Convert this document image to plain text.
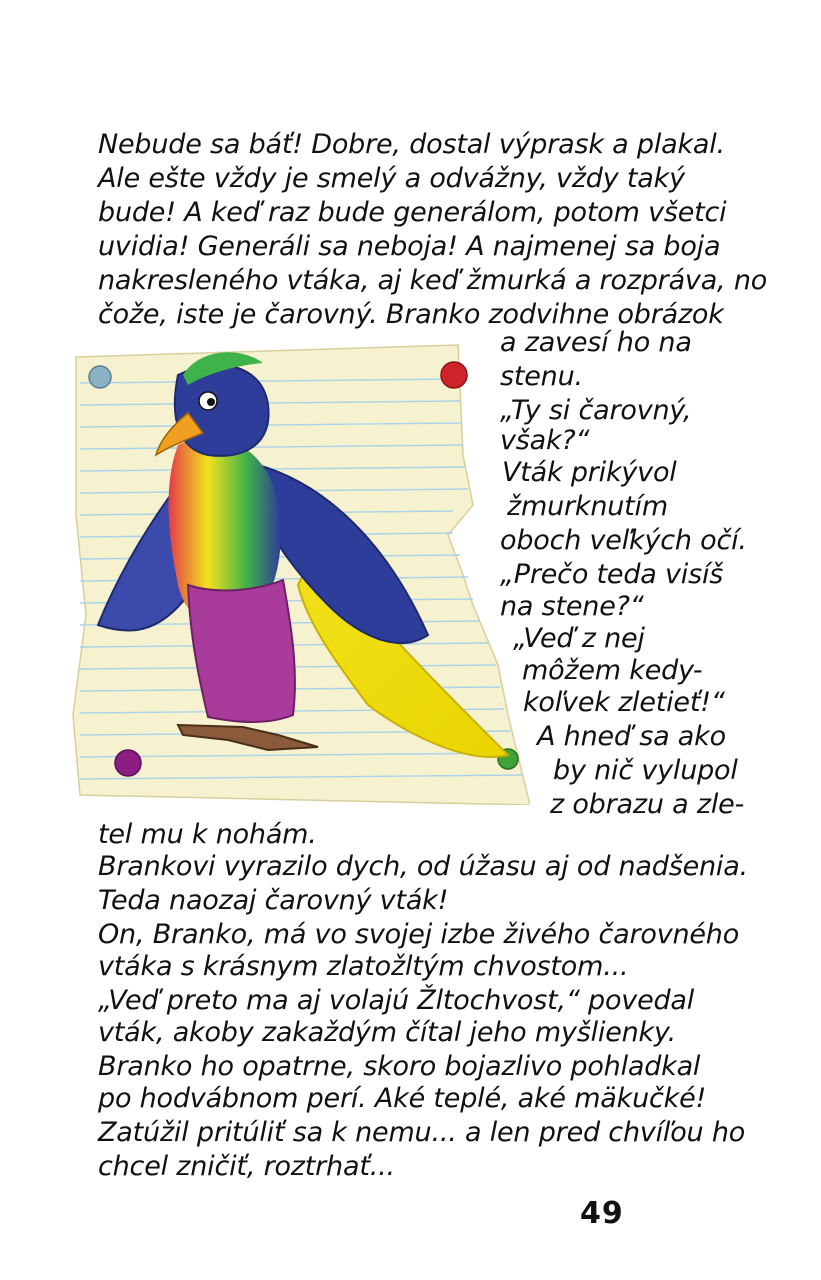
Nebude sa báť! Dobre, dostal výprask a plakal.
Ale ešte vždy je smelý a odvážny, vždy taký
bude! A keď raz bude generálom, potom všetci
uvidia! Generáli sa neboja! A najmenej sa boja
nakresleného vtáka, aj keď žmurká a rozpráva, no
čože, iste je čarovný. Branko zodvihne obrázok
a zavesí ho na
stenu.
„Ty si čarovný,
však?“
Vták prikývol
žmurknutím
oboch veľkých očí.
„Prečo teda visíš
na stene?“
„Veď z nej
môžem kedy-
koľvek zletieť!“
A hneď sa ako
by nič vylupol
z obrazu a zle-
tel mu k nohám.
Brankovi vyrazilo dych, od úžasu aj od nadšenia.
Teda naozaj čarovný vták!
On, Branko, má vo svojej izbe živého čarovného
vtáka s krásnym zlatožltým chvostom...
„Veď preto ma aj volajú Žltochvost,“ povedal
vták, akoby zakaždým čítal jeho myšlienky.
Branko ho opatrne, skoro bojazlivo pohladkal
po hodvábnom perí. Aké teplé, aké mäkučké!
Zatúžil pritúliť sa k nemu... a len pred chvíľou ho
chcel zničiť, roztrhať...
49
